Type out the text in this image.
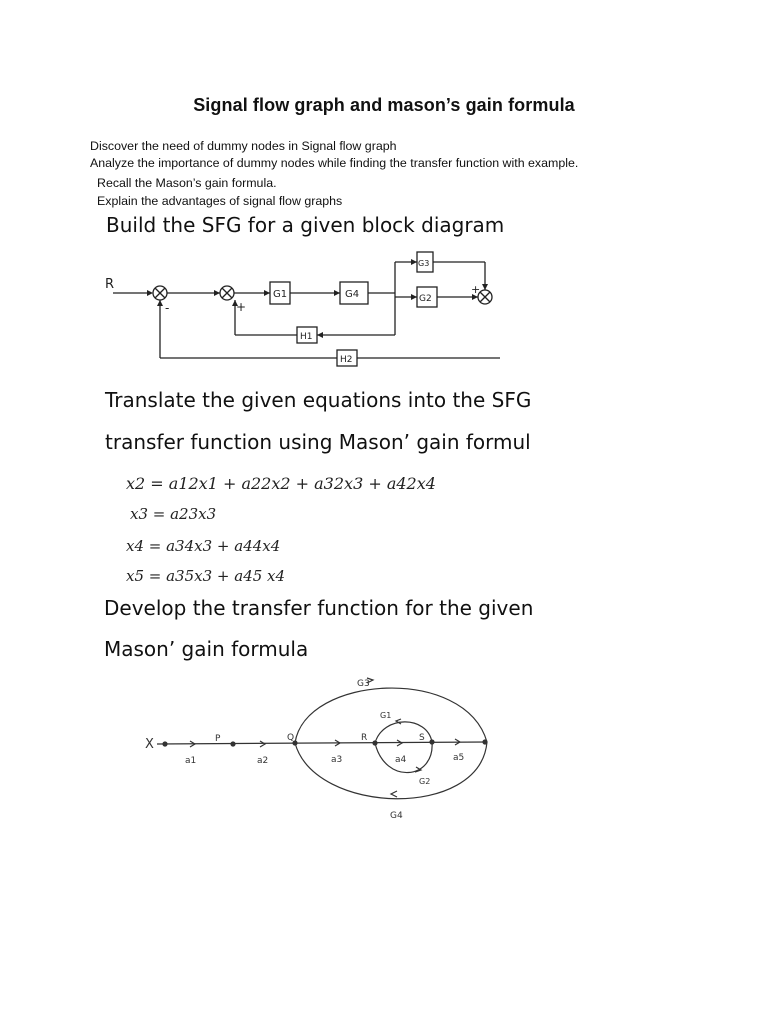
Signal flow graph and mason’s gain formula
Discover the need of dummy nodes in Signal flow graph
Analyze the importance of dummy nodes while finding the transfer function with example.
Recall the Mason’s gain formula.
Explain the advantages of signal flow graphs
Build the SFG for a given block diagram
R
-	+
+
G1	G4
G3
G2
H1
H2
Translate the given equations into the SFG
transfer function using Mason’ gain formul
x2 = a12x1 + a22x2 + a32x3 + a42x4
x3 = a23x3
x4 = a34x3 + a44x4
x5 = a35x3 + a45 x4
Develop the transfer function for the given
Mason’ gain formula
X	P	Q	R	S
a1	a2	a3	a4	a5
G3
G1
G2
G4
